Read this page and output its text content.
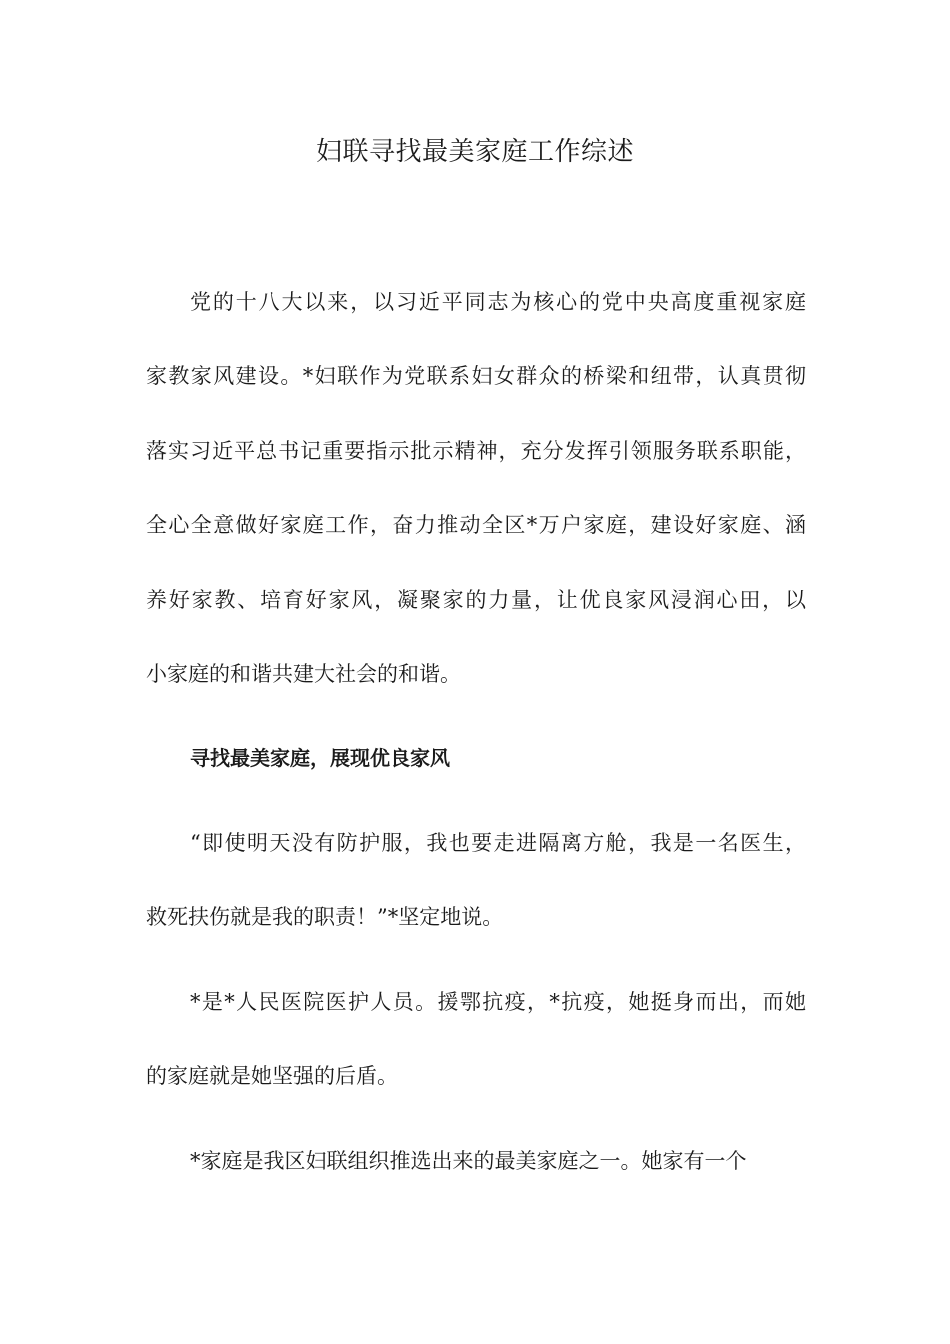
妇联寻找最美家庭工作综述
党的十八大以来，以习近平同志为核心的党中央高度重视家庭
家教家风建设。*妇联作为党联系妇女群众的桥梁和纽带，认真贯彻
落实习近平总书记重要指示批示精神，充分发挥引领服务联系职能，
全心全意做好家庭工作，奋力推动全区*万户家庭，建设好家庭、涵
养好家教、培育好家风，凝聚家的力量，让优良家风浸润心田，以
小家庭的和谐共建大社会的和谐。
寻找最美家庭，展现优良家风
“即使明天没有防护服，我也要走进隔离方舱，我是一名医生，
救死扶伤就是我的职责！”*坚定地说。
*是*人民医院医护人员。援鄂抗疫，*抗疫，她挺身而出，而她
的家庭就是她坚强的后盾。
*家庭是我区妇联组织推选出来的最美家庭之一。她家有一个
